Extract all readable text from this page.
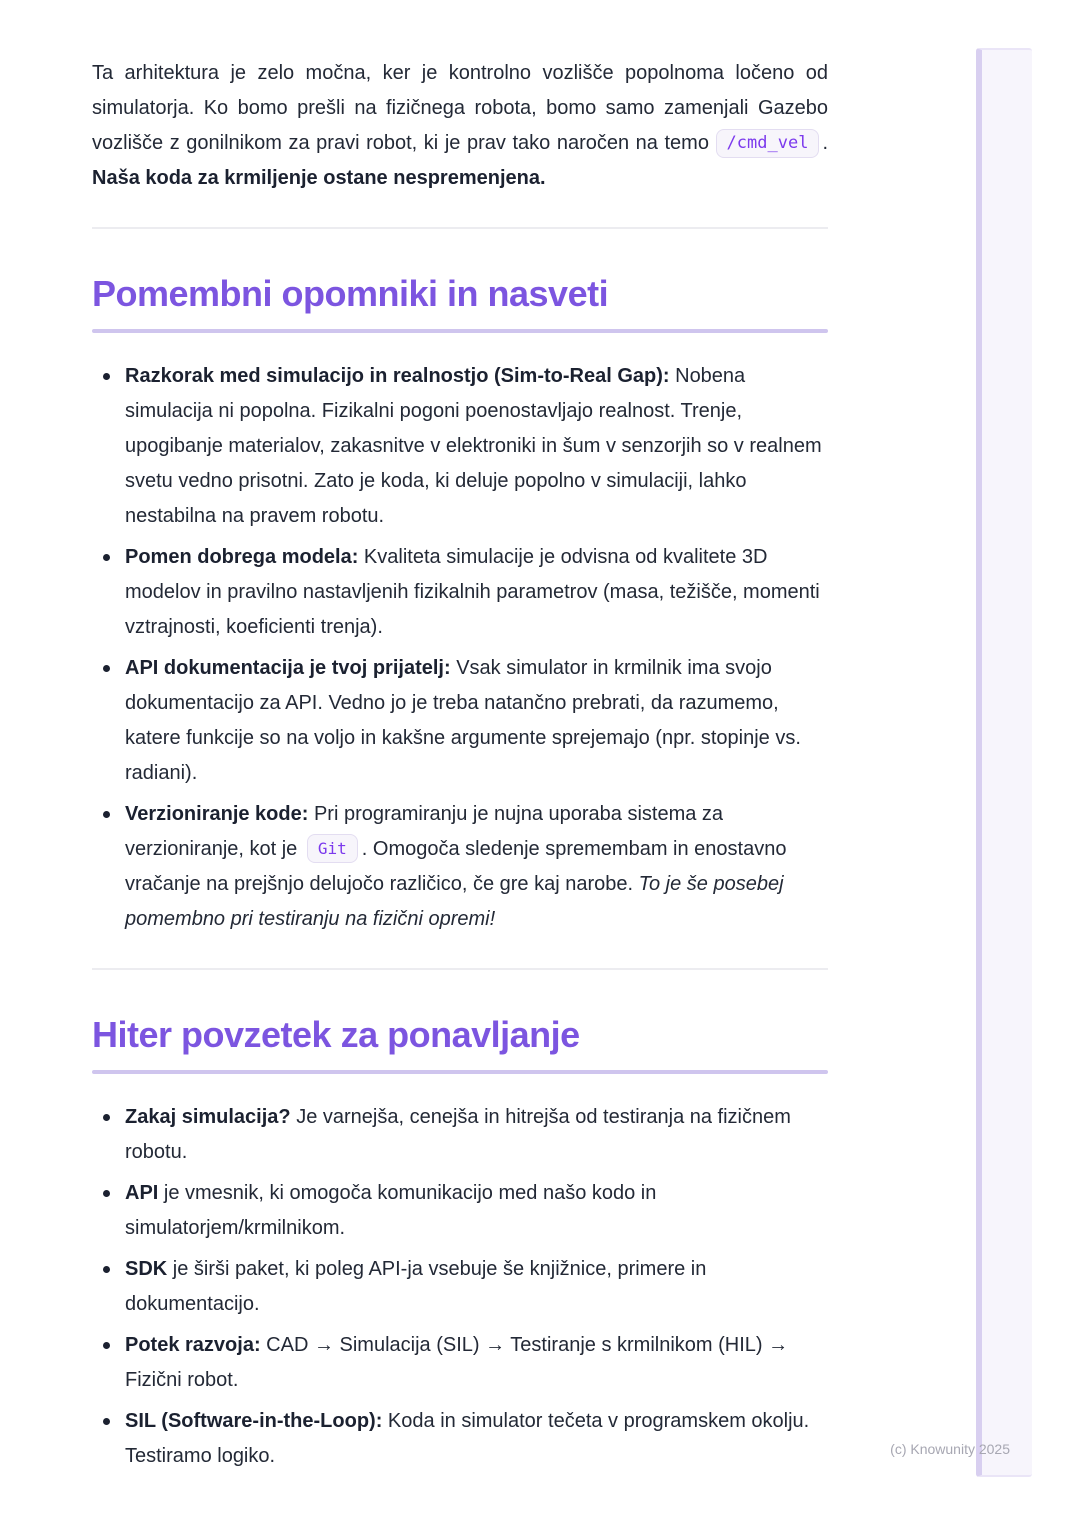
Ta arhitektura je zelo močna, ker je kontrolno vozlišče popolnoma ločeno od simulatorja. Ko bomo prešli na fizičnega robota, bomo samo zamenjali Gazebo vozlišče z gonilnikom za pravi robot, ki je prav tako naročen na temo /cmd_vel . Naša koda za krmiljenje ostane nespremenjena.

Pomembni opomniki in nasveti
Razkorak med simulacijo in realnostjo (Sim-to-Real Gap): Nobena simulacija ni popolna. Fizikalni pogoni poenostavljajo realnost. Trenje, upogibanje materialov, zakasnitve v elektroniki in šum v senzorjih so v realnem svetu vedno prisotni. Zato je koda, ki deluje popolno v simulaciji, lahko nestabilna na pravem robotu.
Pomen dobrega modela: Kvaliteta simulacije je odvisna od kvalitete 3D modelov in pravilno nastavljenih fizikalnih parametrov (masa, težišče, momenti vztrajnosti, koeficienti trenja).
API dokumentacija je tvoj prijatelj: Vsak simulator in krmilnik ima svojo dokumentacijo za API. Vedno jo je treba natančno prebrati, da razumemo, katere funkcije so na voljo in kakšne argumente sprejemajo (npr. stopinje vs. radiani).
Verzioniranje kode: Pri programiranju je nujna uporaba sistema za verzioniranje, kot je Git . Omogoča sledenje spremembam in enostavno vračanje na prejšnjo delujočo različico, če gre kaj narobe. To je še posebej pomembno pri testiranju na fizični opremi!
Hiter povzetek za ponavljanje
Zakaj simulacija? Je varnejša, cenejša in hitrejša od testiranja na fizičnem robotu.
API je vmesnik, ki omogoča komunikacijo med našo kodo in simulatorjem/krmilnikom.
SDK je širši paket, ki poleg API-ja vsebuje še knjižnice, primere in dokumentacijo.
Potek razvoja: CAD → Simulacija (SIL) → Testiranje s krmilnikom (HIL) → Fizični robot.
SIL (Software-in-the-Loop): Koda in simulator tečeta v programskem okolju. Testiramo logiko.	(c) Knowunity 2025
